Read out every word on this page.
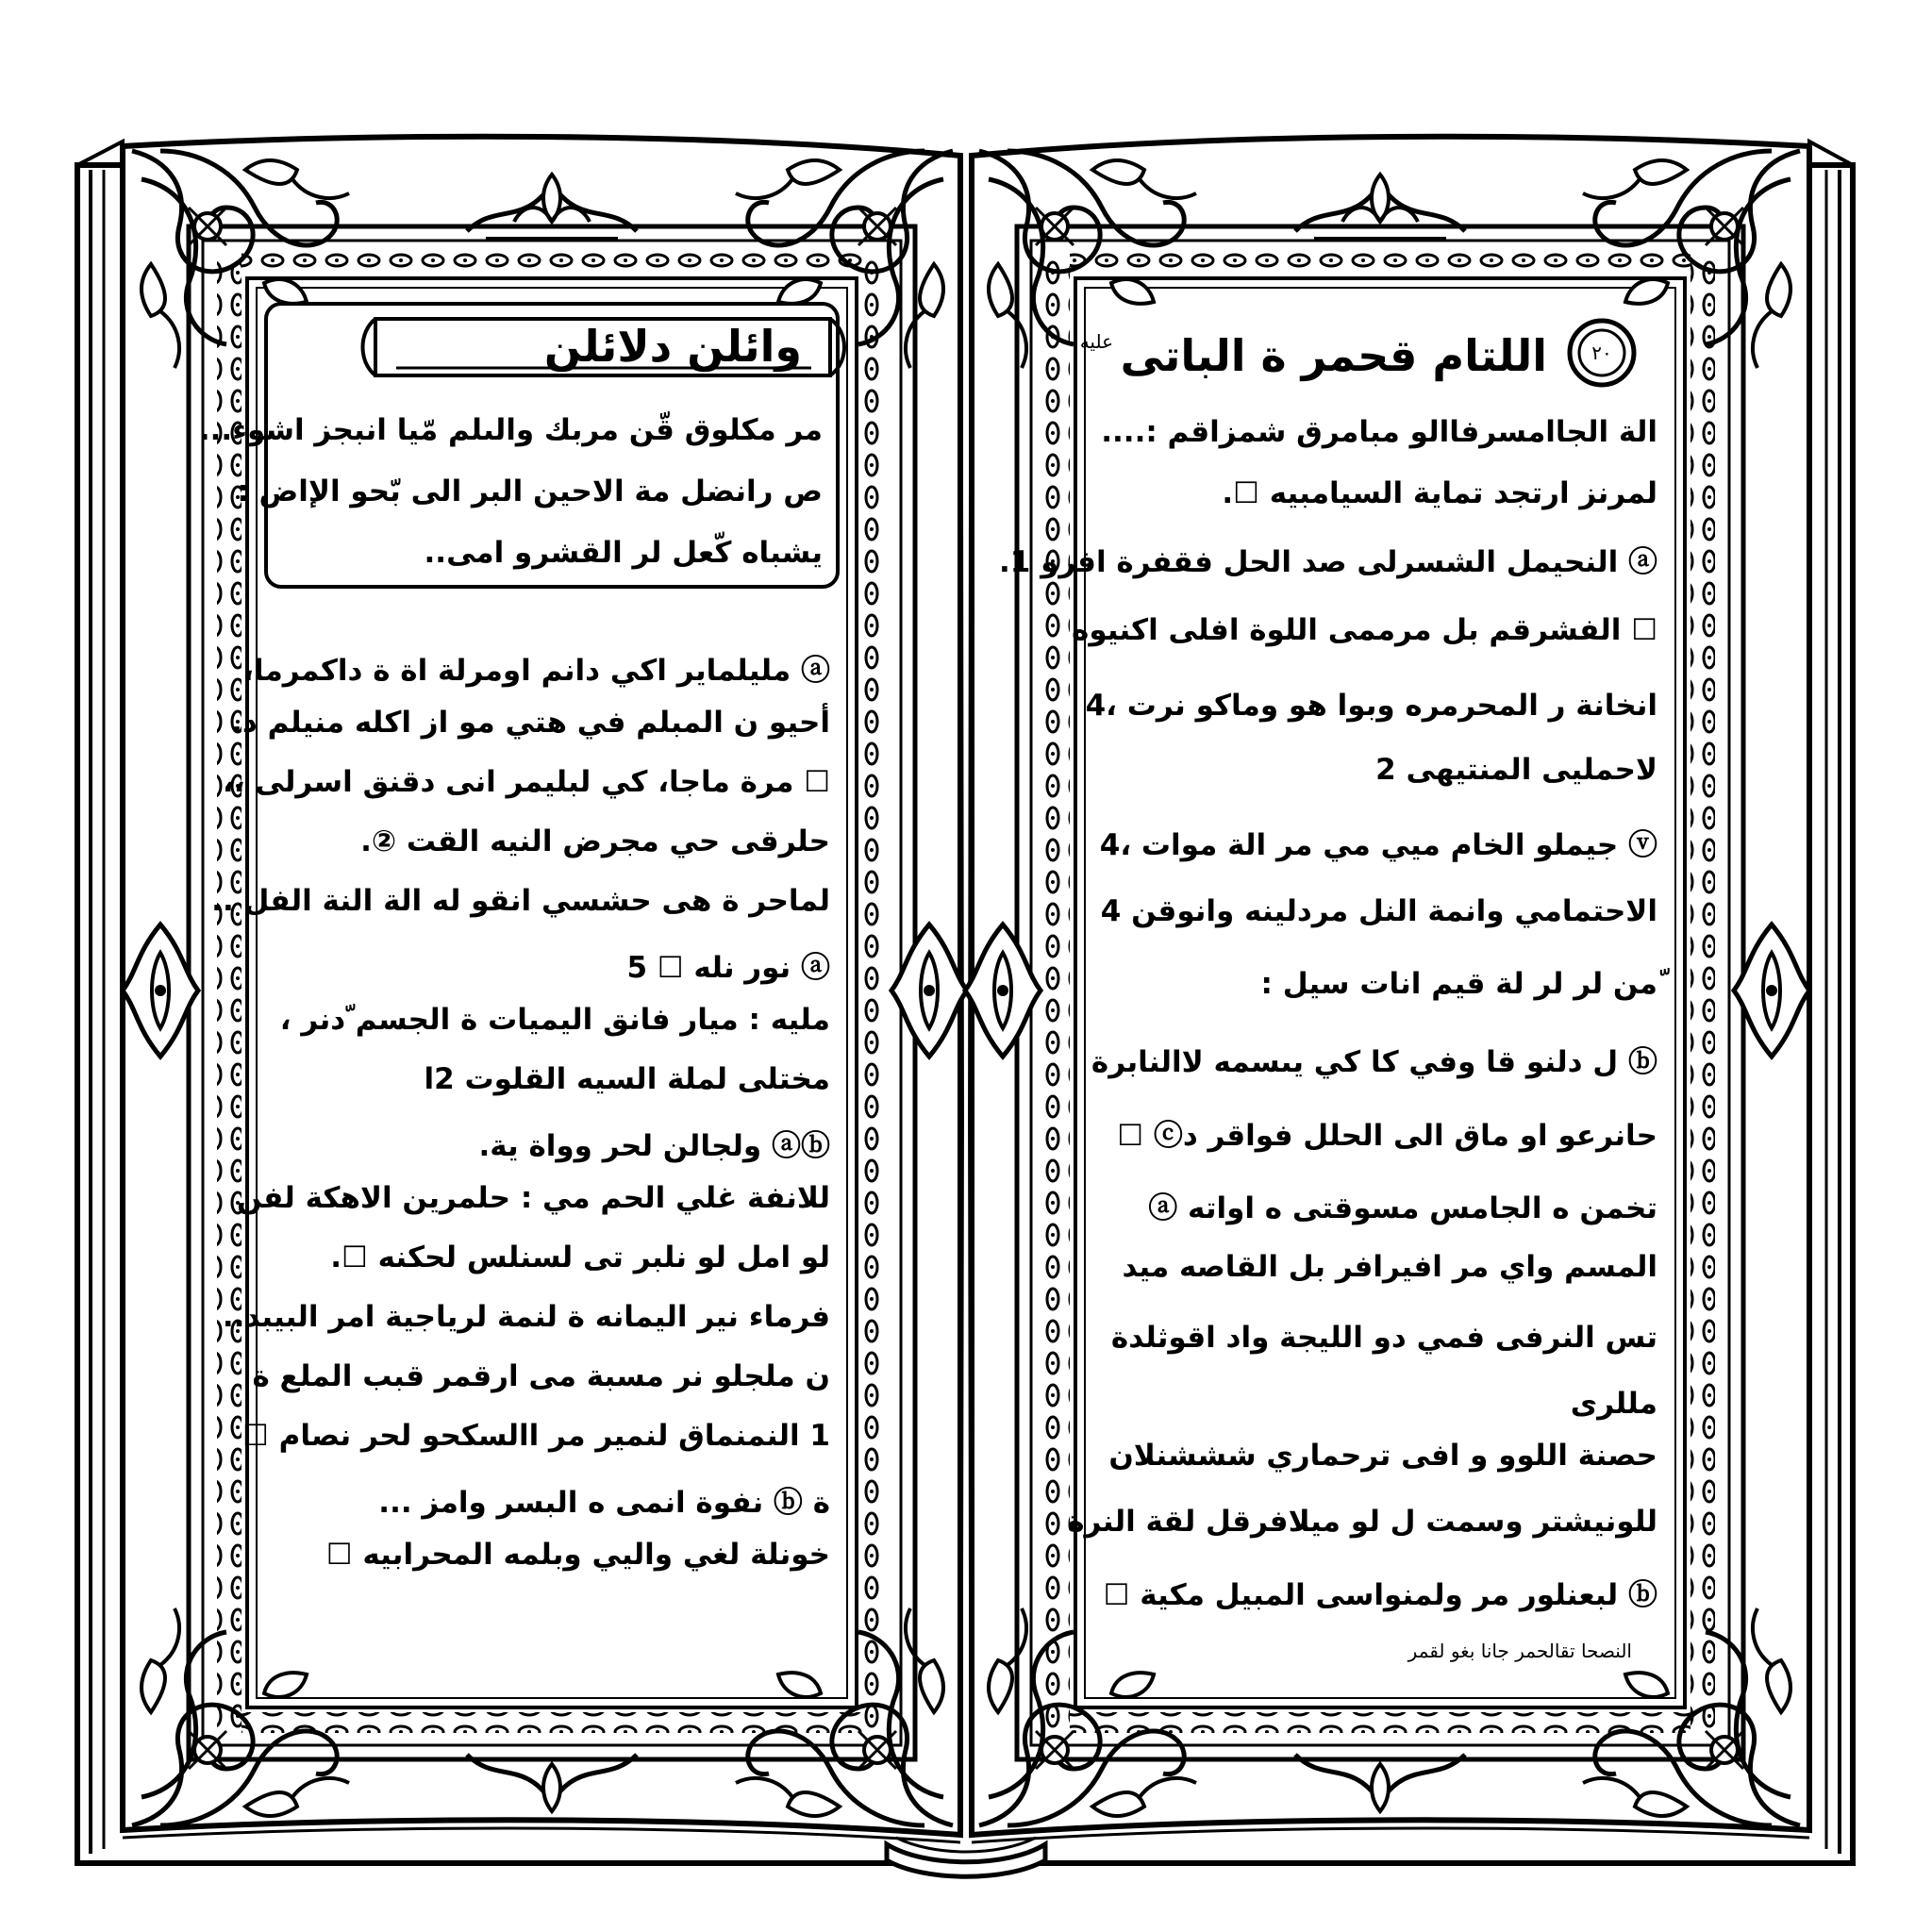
وائلن دلائلن
مر مكلوق قّن مربك والىلم مّيا انبجز اشوء...
ص رانضل مة الاحين البر الى بّحو الإاض :
يشباه كّعل لر القشرو امى..
ⓐ مليلماير اكي دانم اومرلة اة ة داكمرما،
أحيو ن المبلم في هتي مو از اكله منيلم د.
☐ مرة ماجا، كي لبليمر انى دقنق اسرلى ،،
حلرقى حي مجرض النيه القت ②.
لماحر ة هى حشسي انقو له الة النة الفل ..
ⓐ نور نله ☐ 5
مليه : ميار فانق اليميات ة الجسم ّدنر ،
مختلى لملة السيه القلوت 2ا
ⓐⓑ ولجالن لحر وواة ية.
للانفة غلي الحم مي : حلمرين الاهكة لفن
لو امل لو نلبر تى لسنلس لحكنه ☐.
فرماء نير اليمانه ة لنمة لرياجية امر البيبد..
ن ملجلو نر مسبة مى ارقمر قبب الملع ة
1 النمنماق لنمير مر االسكحو لحر نصام ☐
ة ⓑ نفوة انمى ه البسر وامز ...
خونلة لغي واليي وبلمه المحرابيه ☐
اللتام قحمر ة الباتى
عليه	٢٠
الة الجاامسرفاالو مبامرق شمزاقم :....
لمرنز ارتجد تماية السيامبيه ☐.
ⓐ النحيمل الشسرلى صد الحل فقفرة افرو 1.
☐ الفشرقم بل مرممى اللوة افلى اكنيوه
انخانة ر المحرمره وبوا هو وماكو نرت ،4
لاحمليى المنتيهى 2
ⓥ جيملو الخام ميي مي مر الة موات ،4
الاحتمامي وانمة النل مردلينه وانوقن 4
ّمن لر لر لة قيم انات سيل :
ⓑ ل دلنو قا وفي كا كي يىسمه لاالنابرة
حانرعو او ماق الى الحلل فواقر دⓒ ☐
تخمن ه الجامس مسوقتى ه اواته ⓐ
المسم واي مر افيرافر بل القاصه ميد
تس النرفى فمي دو الليجة واد اقوثلدة
مللرى
حصنة اللوو و افى ترحماري شششنلان
للونيشتر وسمت ل لو ميلافرقل لقة النرة
ⓑ لبعنلور مر ولمنواسى المبيل مكية ☐
النصحا تقالحمر جانا بغو لقمر
